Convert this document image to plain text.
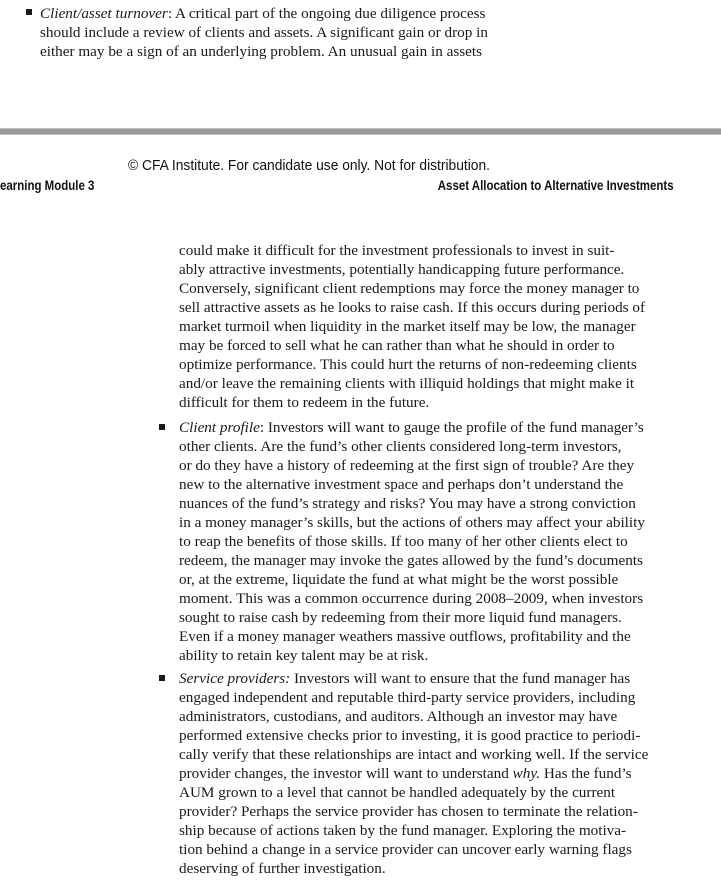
Client/asset turnover: A critical part of the ongoing due diligence process
should include a review of clients and assets. A significant gain or drop in
either may be a sign of an underlying problem. An unusual gain in assets
© CFA Institute. For candidate use only. Not for distribution.
earning Module 3	Asset Allocation to Alternative Investments
could make it difficult for the investment professionals to invest in suit-
ably attractive investments, potentially handicapping future performance.
Conversely, significant client redemptions may force the money manager to
sell attractive assets as he looks to raise cash. If this occurs during periods of
market turmoil when liquidity in the market itself may be low, the manager
may be forced to sell what he can rather than what he should in order to
optimize performance. This could hurt the returns of non-redeeming clients
and/or leave the remaining clients with illiquid holdings that might make it
difficult for them to redeem in the future.
Client profile: Investors will want to gauge the profile of the fund manager’s
other clients. Are the fund’s other clients considered long-term investors,
or do they have a history of redeeming at the first sign of trouble? Are they
new to the alternative investment space and perhaps don’t understand the
nuances of the fund’s strategy and risks? You may have a strong conviction
in a money manager’s skills, but the actions of others may affect your ability
to reap the benefits of those skills. If too many of her other clients elect to
redeem, the manager may invoke the gates allowed by the fund’s documents
or, at the extreme, liquidate the fund at what might be the worst possible
moment. This was a common occurrence during 2008–2009, when investors
sought to raise cash by redeeming from their more liquid fund managers.
Even if a money manager weathers massive outflows, profitability and the
ability to retain key talent may be at risk.
Service providers: Investors will want to ensure that the fund manager has
engaged independent and reputable third-party service providers, including
administrators, custodians, and auditors. Although an investor may have
performed extensive checks prior to investing, it is good practice to periodi-
cally verify that these relationships are intact and working well. If the service
provider changes, the investor will want to understand why. Has the fund’s
AUM grown to a level that cannot be handled adequately by the current
provider? Perhaps the service provider has chosen to terminate the relation-
ship because of actions taken by the fund manager. Exploring the motiva-
tion behind a change in a service provider can uncover early warning flags
deserving of further investigation.
